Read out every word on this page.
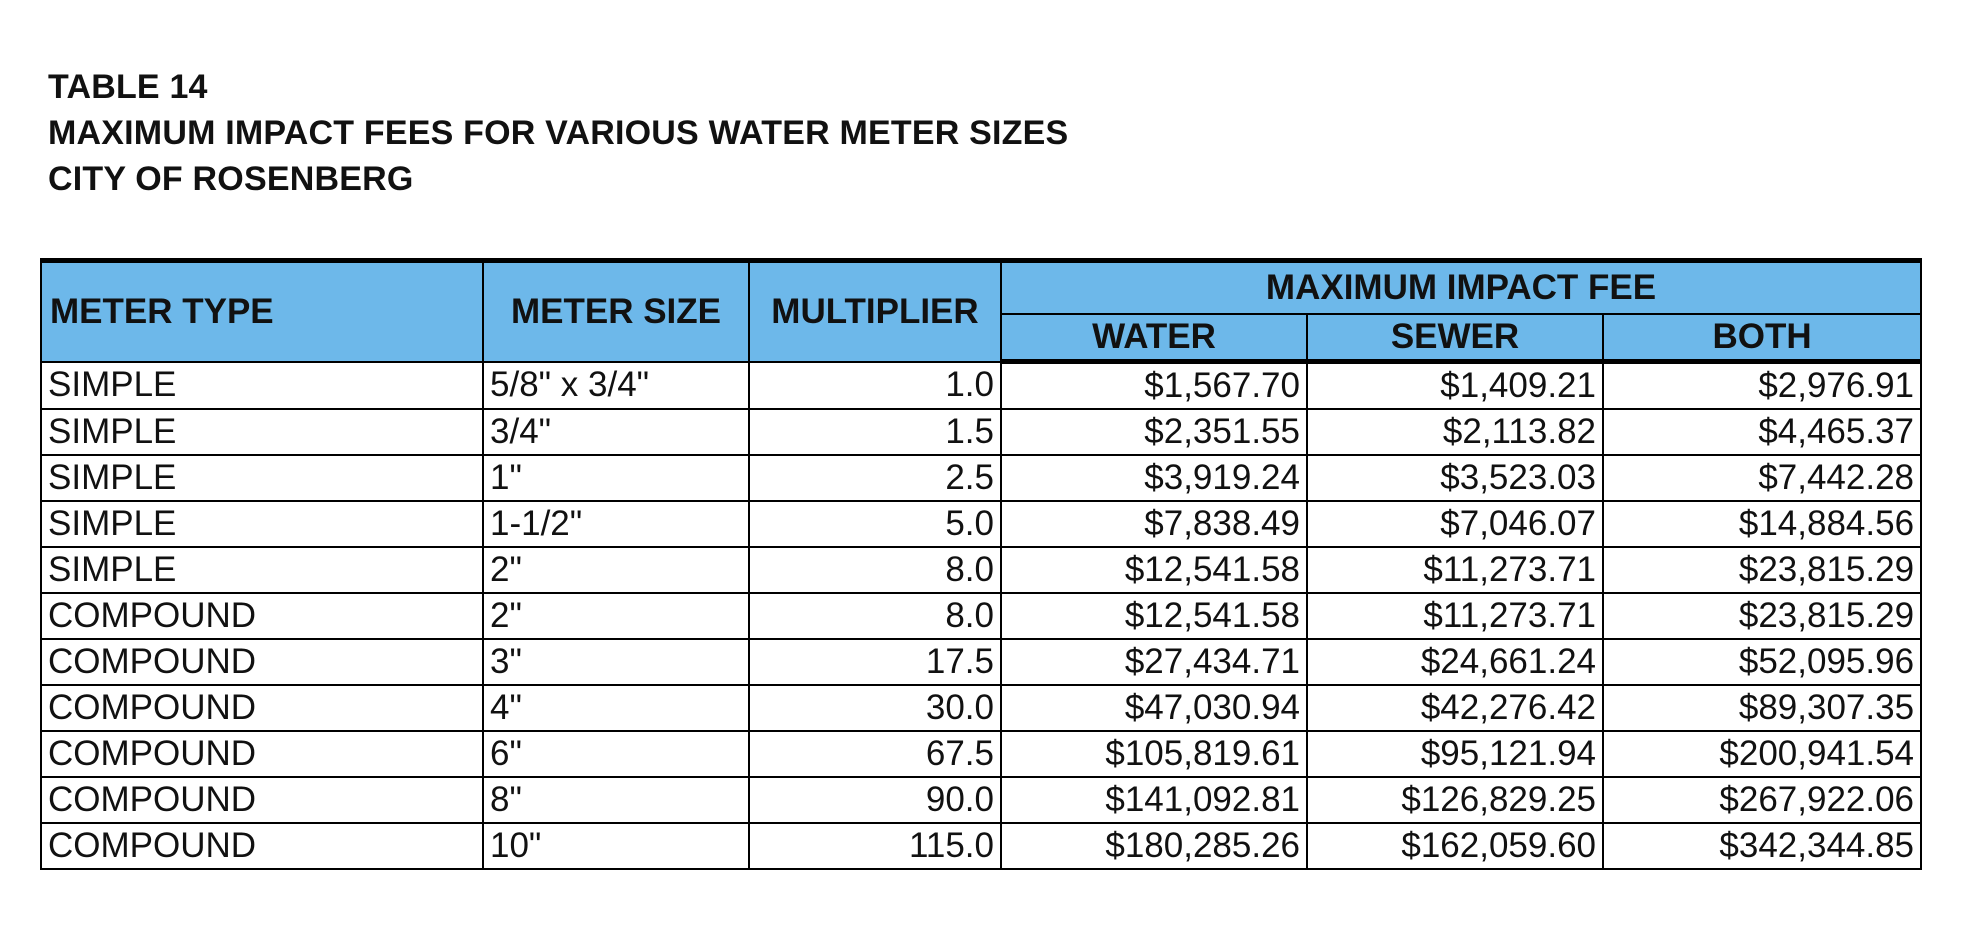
TABLE 14
MAXIMUM IMPACT FEES FOR VARIOUS WATER METER SIZES
CITY OF ROSENBERG
METER TYPE	METER SIZE	MULTIPLIER	MAXIMUM IMPACT FEE		
			WATER	SEWER	BOTH
SIMPLE	5/8" x 3/4"	1.0	$1,567.70	$1,409.21	$2,976.91
SIMPLE	3/4"	1.5	$2,351.55	$2,113.82	$4,465.37
SIMPLE	1"	2.5	$3,919.24	$3,523.03	$7,442.28
SIMPLE	1-1/2"	5.0	$7,838.49	$7,046.07	$14,884.56
SIMPLE	2"	8.0	$12,541.58	$11,273.71	$23,815.29
COMPOUND	2"	8.0	$12,541.58	$11,273.71	$23,815.29
COMPOUND	3"	17.5	$27,434.71	$24,661.24	$52,095.96
COMPOUND	4"	30.0	$47,030.94	$42,276.42	$89,307.35
COMPOUND	6"	67.5	$105,819.61	$95,121.94	$200,941.54
COMPOUND	8"	90.0	$141,092.81	$126,829.25	$267,922.06
COMPOUND	10"	115.0	$180,285.26	$162,059.60	$342,344.85
